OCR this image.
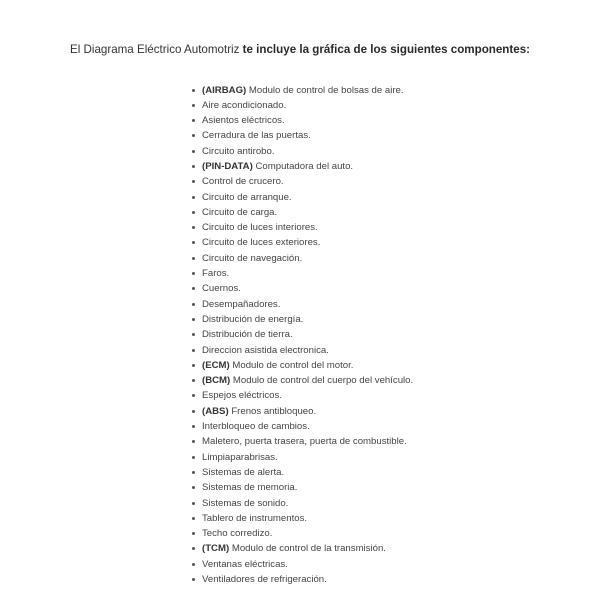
El Diagrama Eléctrico Automotriz te incluye la gráfica de los siguientes componentes:
(AIRBAG) Modulo de control de bolsas de aire.
Aire acondicionado.
Asientos eléctricos.
Cerradura de las puertas.
Circuito antirobo.
(PIN-DATA) Computadora del auto.
Control de crucero.
Circuito de arranque.
Circuito de carga.
Circuito de luces interiores.
Circuito de luces exteriores.
Circuito de navegación.
Faros.
Cuernos.
Desempañadores.
Distribución de energía.
Distribución de tierra.
Direccion asistida electronica.
(ECM) Modulo de control del motor.
(BCM) Modulo de control del cuerpo del vehículo.
Espejos eléctricos.
(ABS) Frenos antibloqueo.
Interbloqueo de cambios.
Maletero, puerta trasera, puerta de combustible.
Limpiaparabrisas.
Sistemas de alerta.
Sistemas de memoria.
Sistemas de sonido.
Tablero de instrumentos.
Techo corredizo.
(TCM) Modulo de control de la transmisión.
Ventanas eléctricas.
Ventiladores de refrigeración.
